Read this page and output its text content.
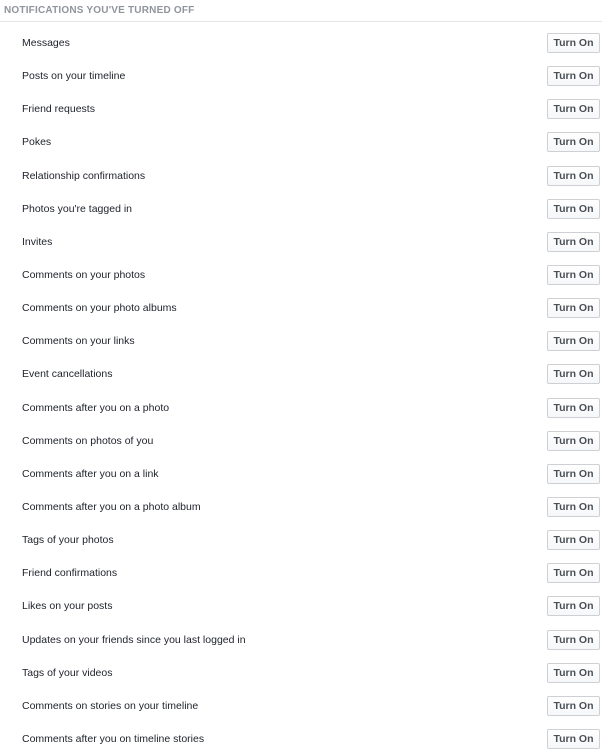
NOTIFICATIONS YOU'VE TURNED OFF
Messages	Turn On
Posts on your timeline	Turn On
Friend requests	Turn On
Pokes	Turn On
Relationship confirmations	Turn On
Photos you're tagged in	Turn On
Invites	Turn On
Comments on your photos	Turn On
Comments on your photo albums	Turn On
Comments on your links	Turn On
Event cancellations	Turn On
Comments after you on a photo	Turn On
Comments on photos of you	Turn On
Comments after you on a link	Turn On
Comments after you on a photo album	Turn On
Tags of your photos	Turn On
Friend confirmations	Turn On
Likes on your posts	Turn On
Updates on your friends since you last logged in	Turn On
Tags of your videos	Turn On
Comments on stories on your timeline	Turn On
Comments after you on timeline stories	Turn On
